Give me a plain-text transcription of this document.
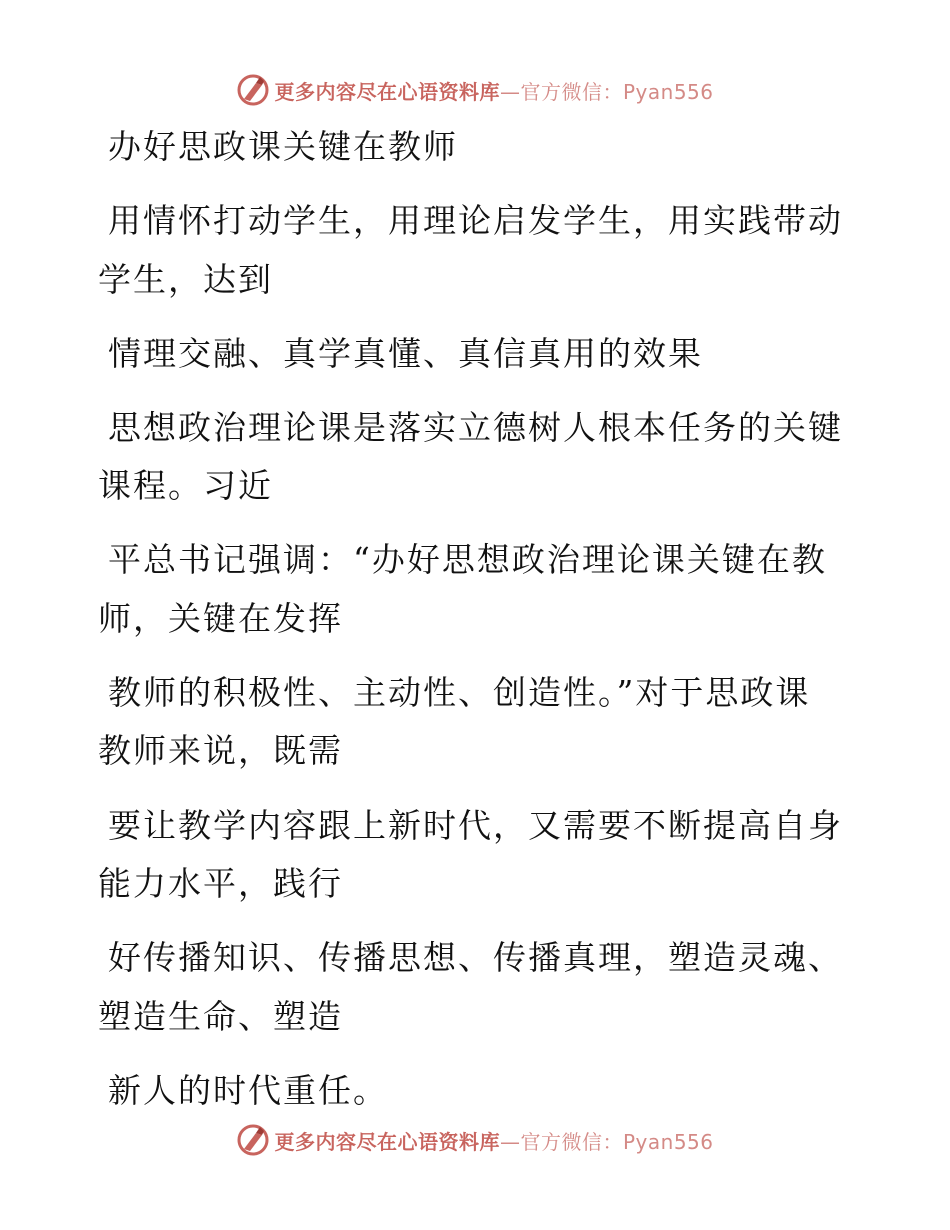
更多内容尽在心语资料库—官方微信：Pyan556
办好思政课关键在教师
用情怀打动学生，用理论启发学生，用实践带动
学生，达到
情理交融、真学真懂、真信真用的效果
思想政治理论课是落实立德树人根本任务的关键
课程。习近
平总书记强调：“办好思想政治理论课关键在教
师，关键在发挥
教师的积极性、主动性、创造性。”对于思政课
教师来说，既需
要让教学内容跟上新时代，又需要不断提高自身
能力水平，践行
好传播知识、传播思想、传播真理，塑造灵魂、
塑造生命、塑造
新人的时代重任。
更多内容尽在心语资料库—官方微信：Pyan556
